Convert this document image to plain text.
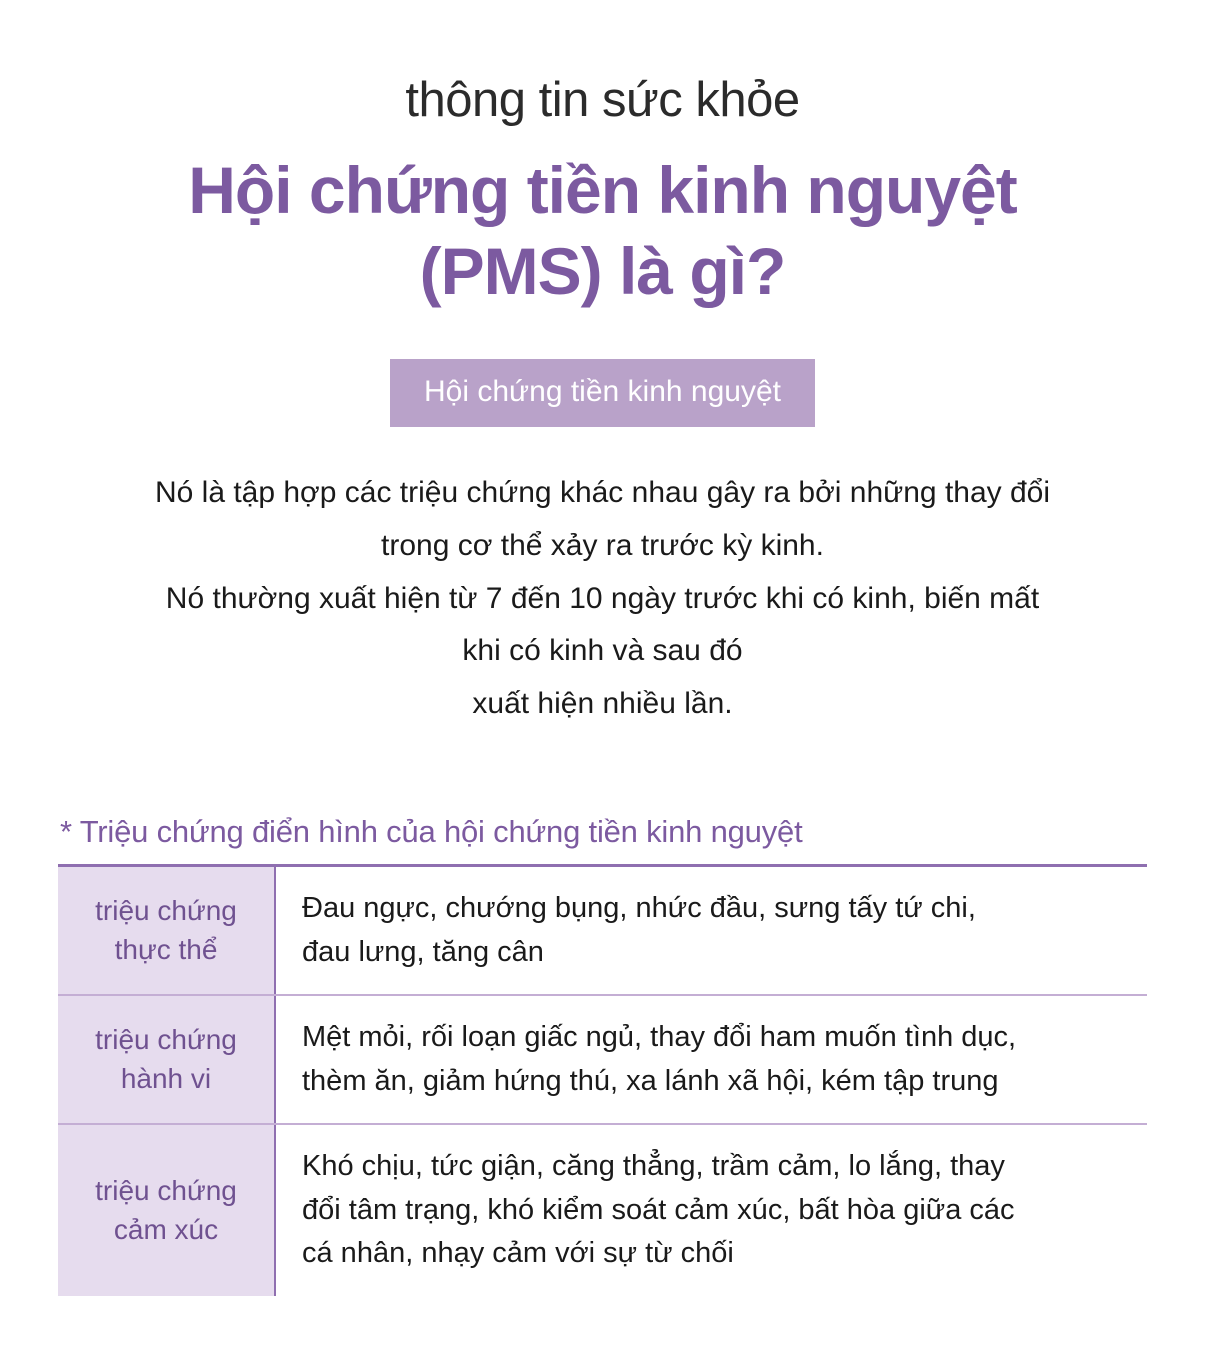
thông tin sức khỏe
Hội chứng tiền kinh nguyệt
(PMS) là gì?
Hội chứng tiền kinh nguyệt

Nó là tập hợp các triệu chứng khác nhau gây ra bởi những thay đổi

trong cơ thể xảy ra trước kỳ kinh.

Nó thường xuất hiện từ 7 đến 10 ngày trước khi có kinh, biến mất

khi có kinh và sau đó

xuất hiện nhiều lần.

* Triệu chứng điển hình của hội chứng tiền kinh nguyệt
triệu chứng
thực thể
Đau ngực, chướng bụng, nhức đầu, sưng tấy tứ chi,
đau lưng, tăng cân
triệu chứng
hành vi
Mệt mỏi, rối loạn giấc ngủ, thay đổi ham muốn tình dục,
thèm ăn, giảm hứng thú, xa lánh xã hội, kém tập trung
triệu chứng
cảm xúc
Khó chịu, tức giận, căng thẳng, trầm cảm, lo lắng, thay
đổi tâm trạng, khó kiểm soát cảm xúc, bất hòa giữa các
cá nhân, nhạy cảm với sự từ chối
